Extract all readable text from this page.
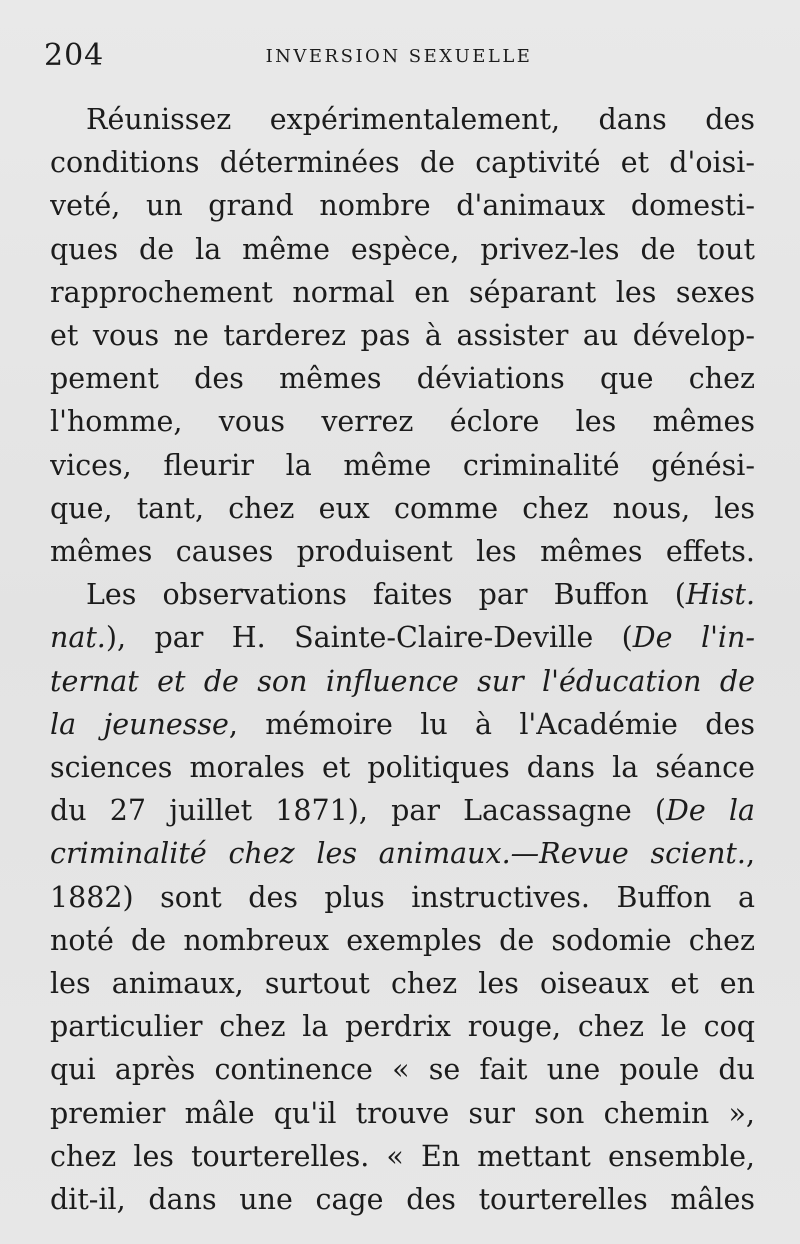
204	INVERSION SEXUELLE
Réunissez expérimentalement, dans des
conditions déterminées de captivité et d'oisi-
veté, un grand nombre d'animaux domesti-
ques de la même espèce, privez-les de tout
rapprochement normal en séparant les sexes
et vous ne tarderez pas à assister au dévelop-
pement des mêmes déviations que chez
l'homme, vous verrez éclore les mêmes
vices, fleurir la même criminalité génési-
que, tant, chez eux comme chez nous, les
mêmes causes produisent les mêmes effets.
Les observations faites par Buffon (Hist.
nat.), par H. Sainte-Claire-Deville (De l'in-
ternat et de son influence sur l'éducation de
la jeunesse, mémoire lu à l'Académie des
sciences morales et politiques dans la séance
du 27 juillet 1871), par Lacassagne (De la
criminalité chez les animaux.—Revue scient.,
1882) sont des plus instructives. Buffon a
noté de nombreux exemples de sodomie chez
les animaux, surtout chez les oiseaux et en
particulier chez la perdrix rouge, chez le coq
qui après continence « se fait une poule du
premier mâle qu'il trouve sur son chemin »,
chez les tourterelles. « En mettant ensemble,
dit-il, dans une cage des tourterelles mâles
